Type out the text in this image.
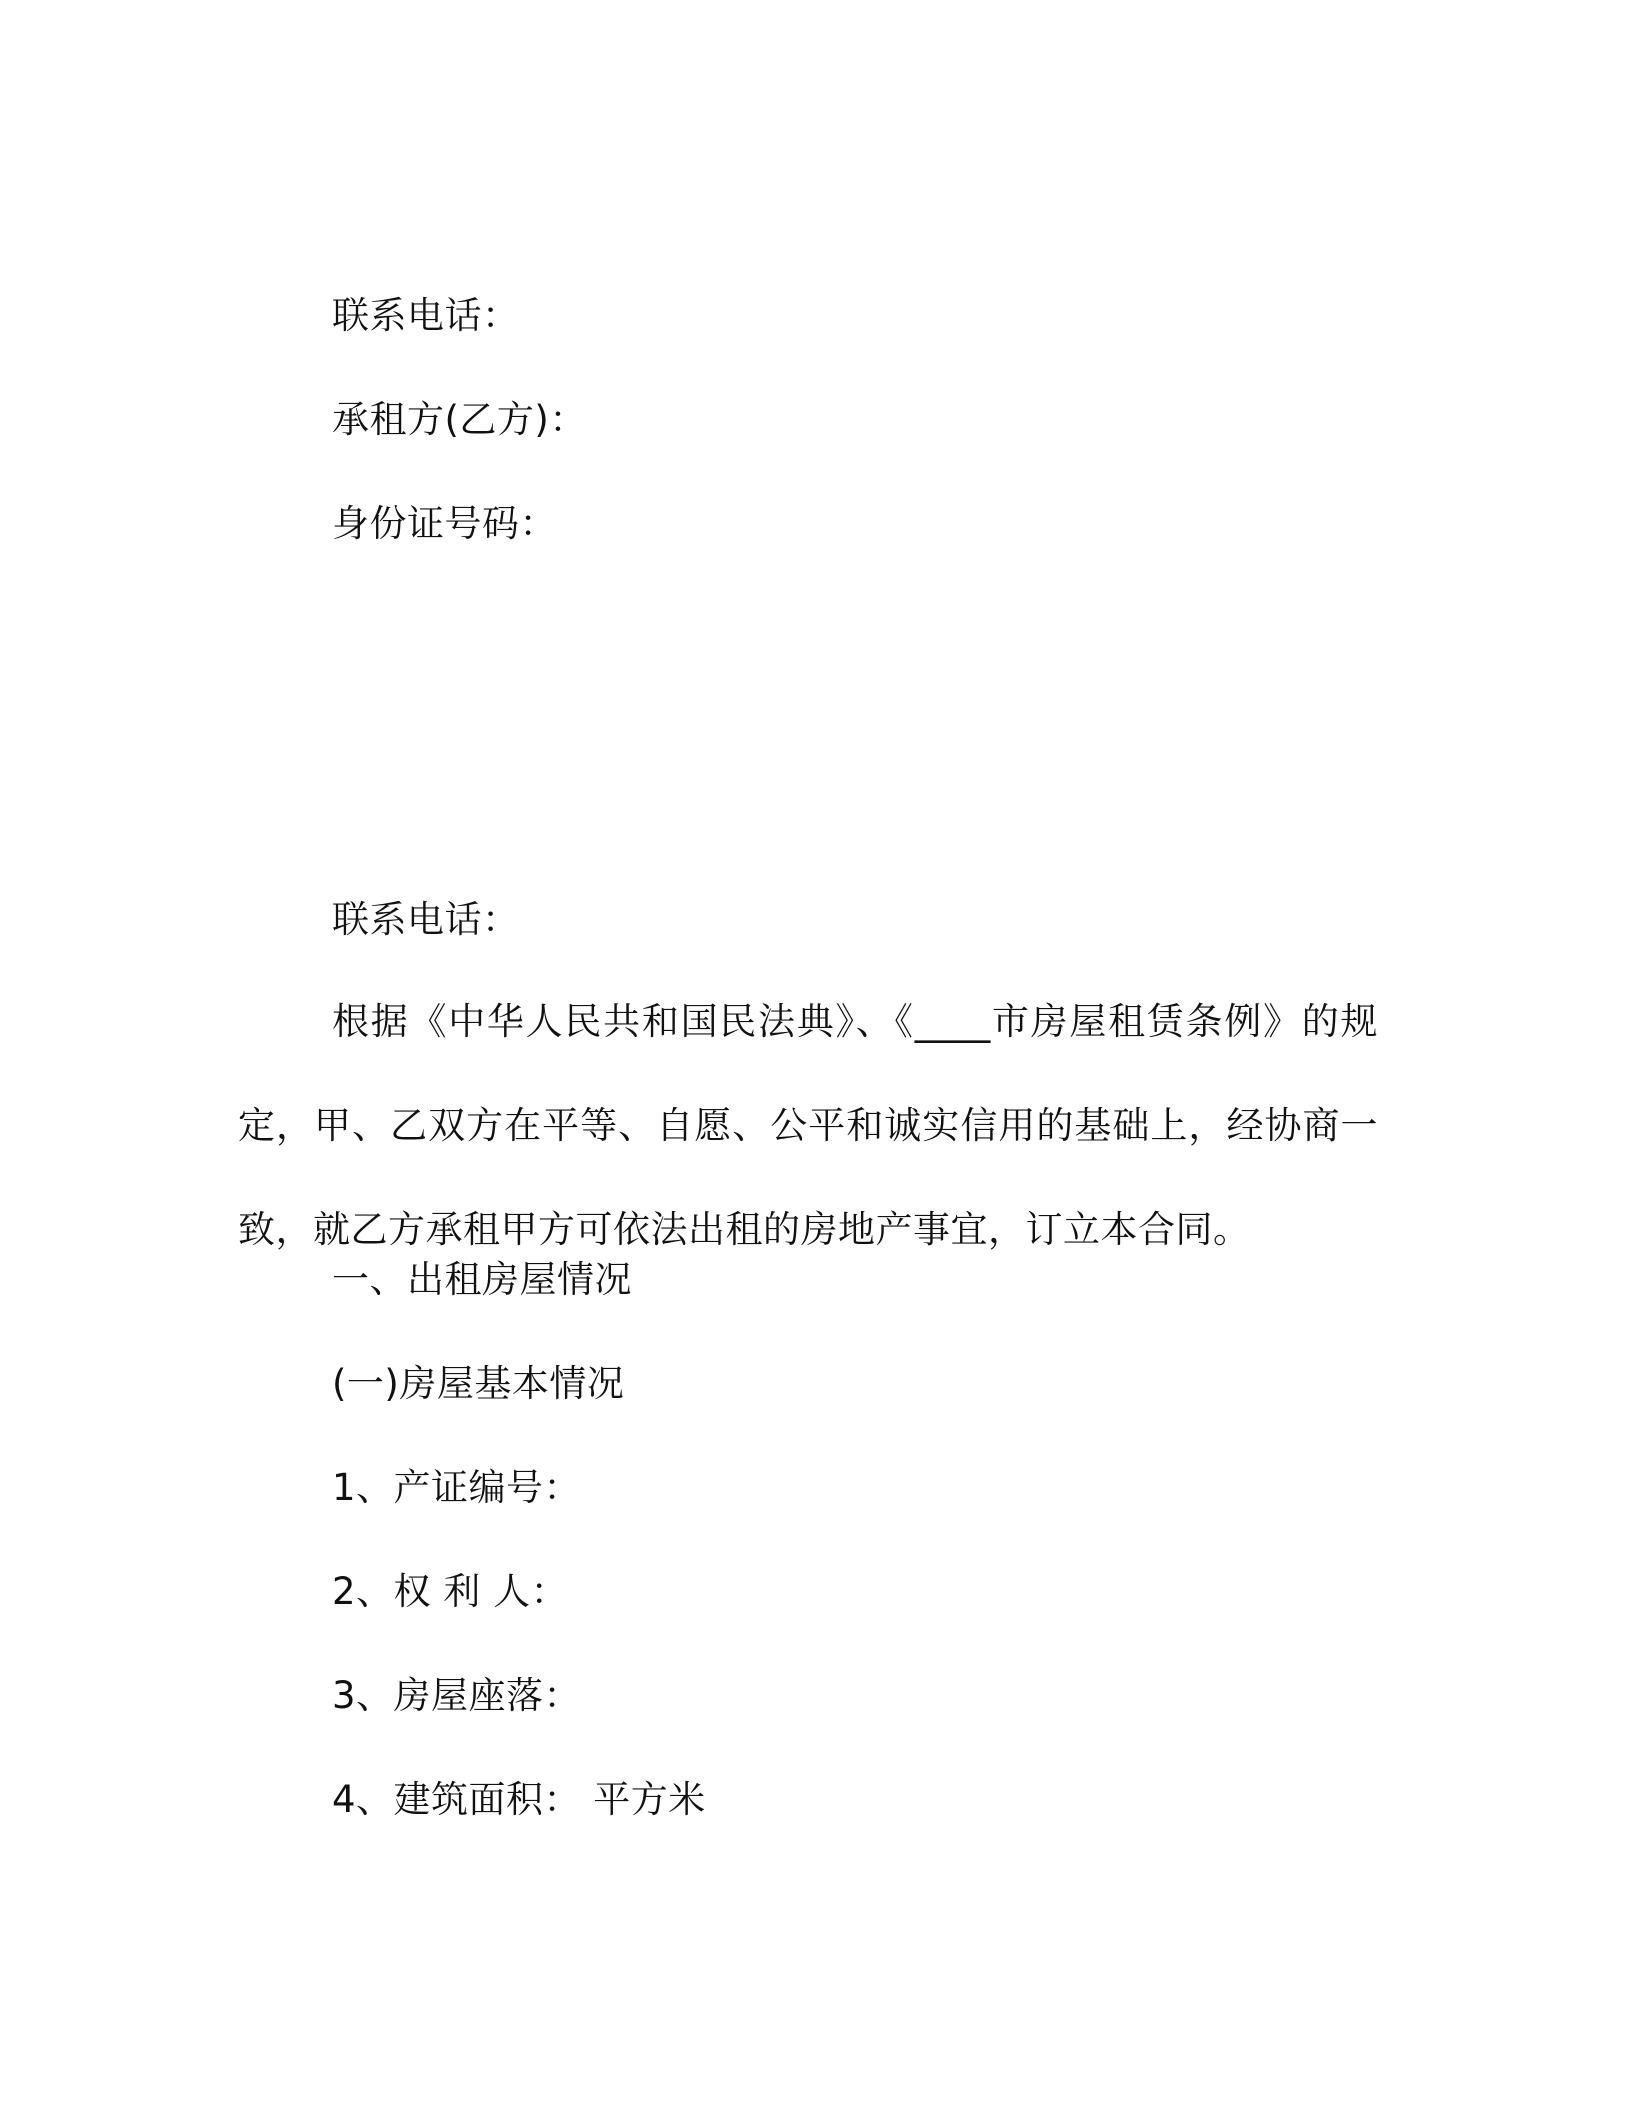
联系电话：
承租方(乙方)：
身份证号码：
联系电话：
根据《中华人民共和国民法典》、《____市房屋租赁条例》的规定，甲、乙双方在平等、自愿、公平和诚实信用的基础上，经协商一致，就乙方承租甲方可依法出租的房地产事宜，订立本合同。
一、出租房屋情况
(一)房屋基本情况
1、产证编号：
2、权 利 人：
3、房屋座落：
4、建筑面积： 平方米
